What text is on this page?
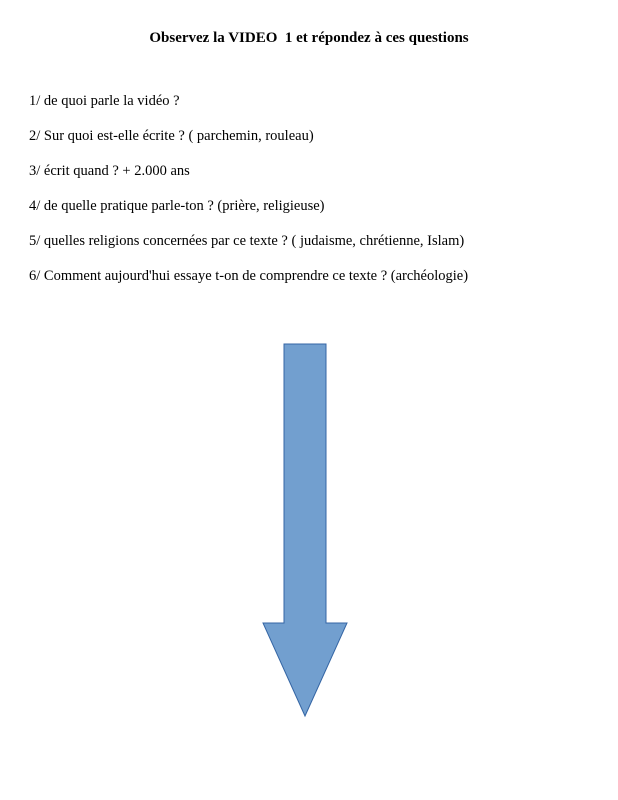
Observez la VIDEO  1 et répondez à ces questions
1/ de quoi parle la vidéo ?
2/ Sur quoi est-elle écrite ? ( parchemin, rouleau)
3/ écrit quand ? + 2.000 ans
4/ de quelle pratique parle-ton ? (prière, religieuse)
5/ quelles religions concernées par ce texte ? ( judaisme, chrétienne, Islam)
6/ Comment aujourd'hui essaye t-on de comprendre ce texte ? (archéologie)
